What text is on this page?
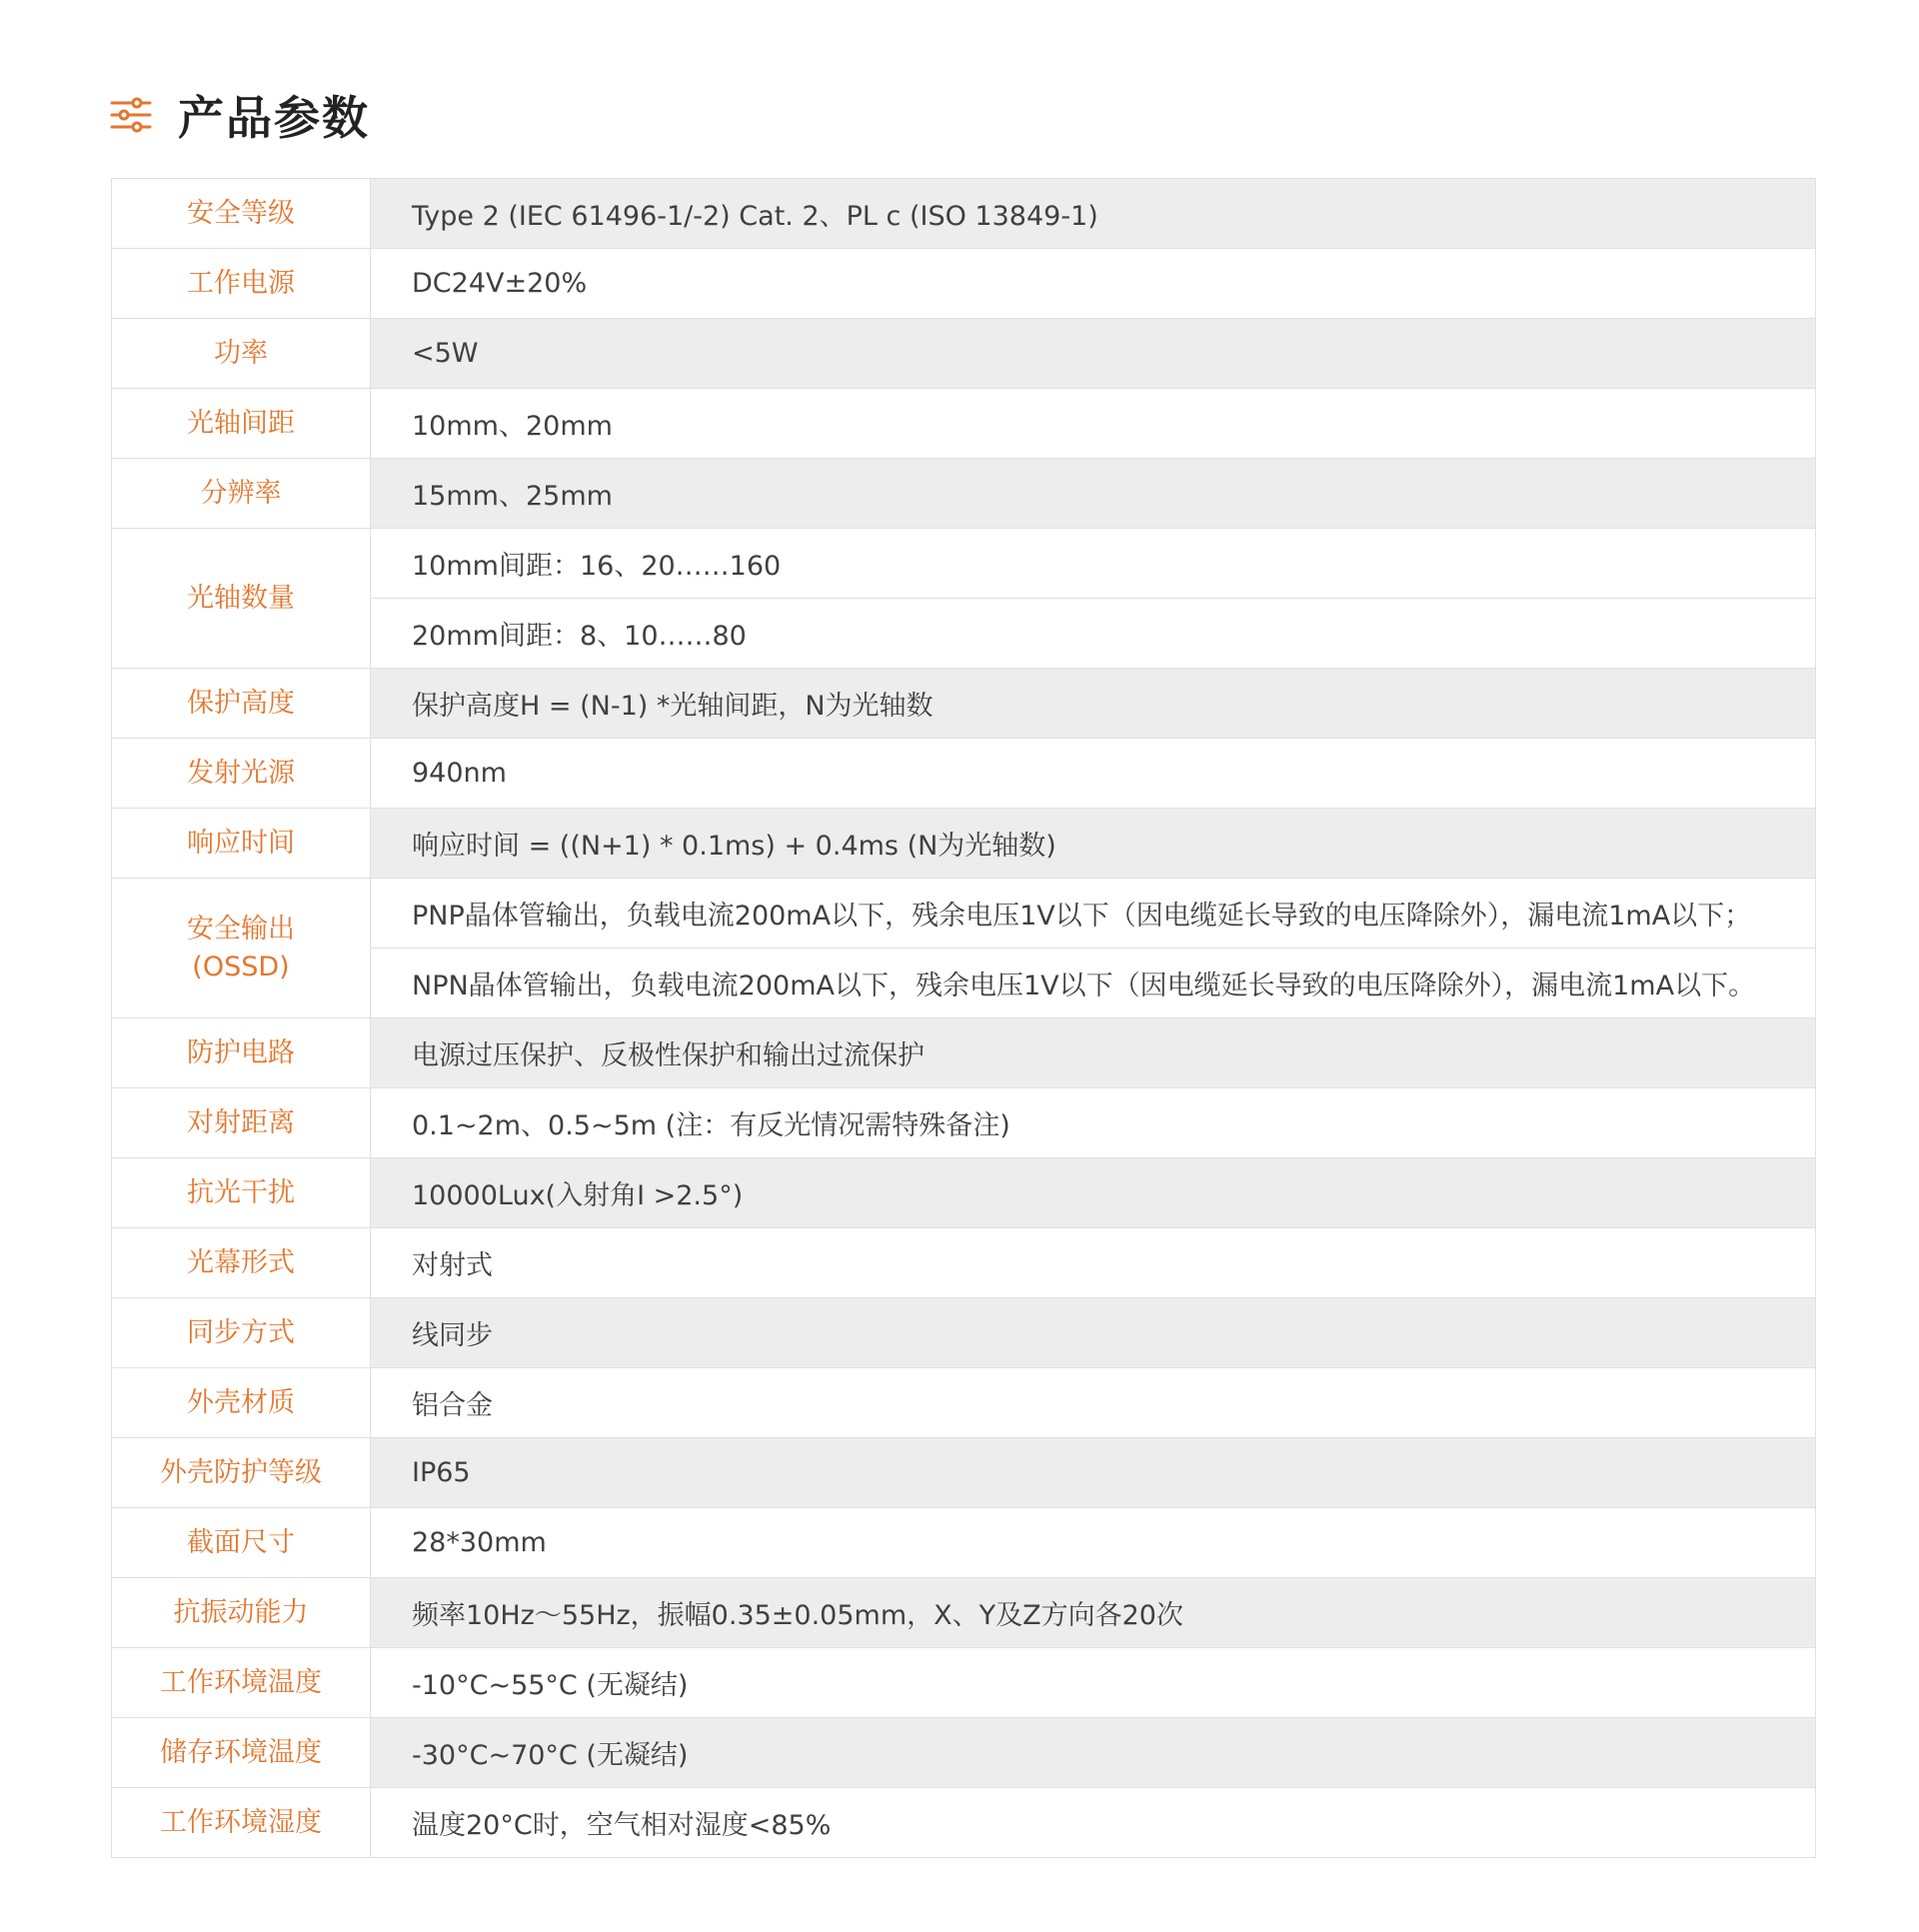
产品参数
安全等级	Type 2 (IEC 61496-1/-2) Cat. 2、PL c (ISO 13849-1)
工作电源	DC24V±20%
功率	<5W
光轴间距	10mm、20mm
分辨率	15mm、25mm
光轴数量	10mm间距：16、20……160
	20mm间距：8、10……80
保护高度	保护高度H = (N-1) *光轴间距，N为光轴数
发射光源	940nm
响应时间	响应时间 = ((N+1) * 0.1ms) + 0.4ms (N为光轴数)

安全输出
(OSSD)	PNP晶体管输出，负载电流200mA以下，残余电压1V以下（因电缆延长导致的电压降除外），漏电流1mA以下；
	NPN晶体管输出，负载电流200mA以下，残余电压1V以下（因电缆延长导致的电压降除外），漏电流1mA以下。
防护电路	电源过压保护、反极性保护和输出过流保护
对射距离	0.1~2m、0.5~5m (注：有反光情况需特殊备注)
抗光干扰	10000Lux(入射角I >2.5°)
光幕形式	对射式
同步方式	线同步
外壳材质	铝合金
外壳防护等级	IP65
截面尺寸	28*30mm
抗振动能力	频率10Hz～55Hz，振幅0.35±0.05mm，X、Y及Z方向各20次
工作环境温度	-10°C~55°C (无凝结)
储存环境温度	-30°C~70°C (无凝结)
工作环境湿度	温度20°C时，空气相对湿度<85%
